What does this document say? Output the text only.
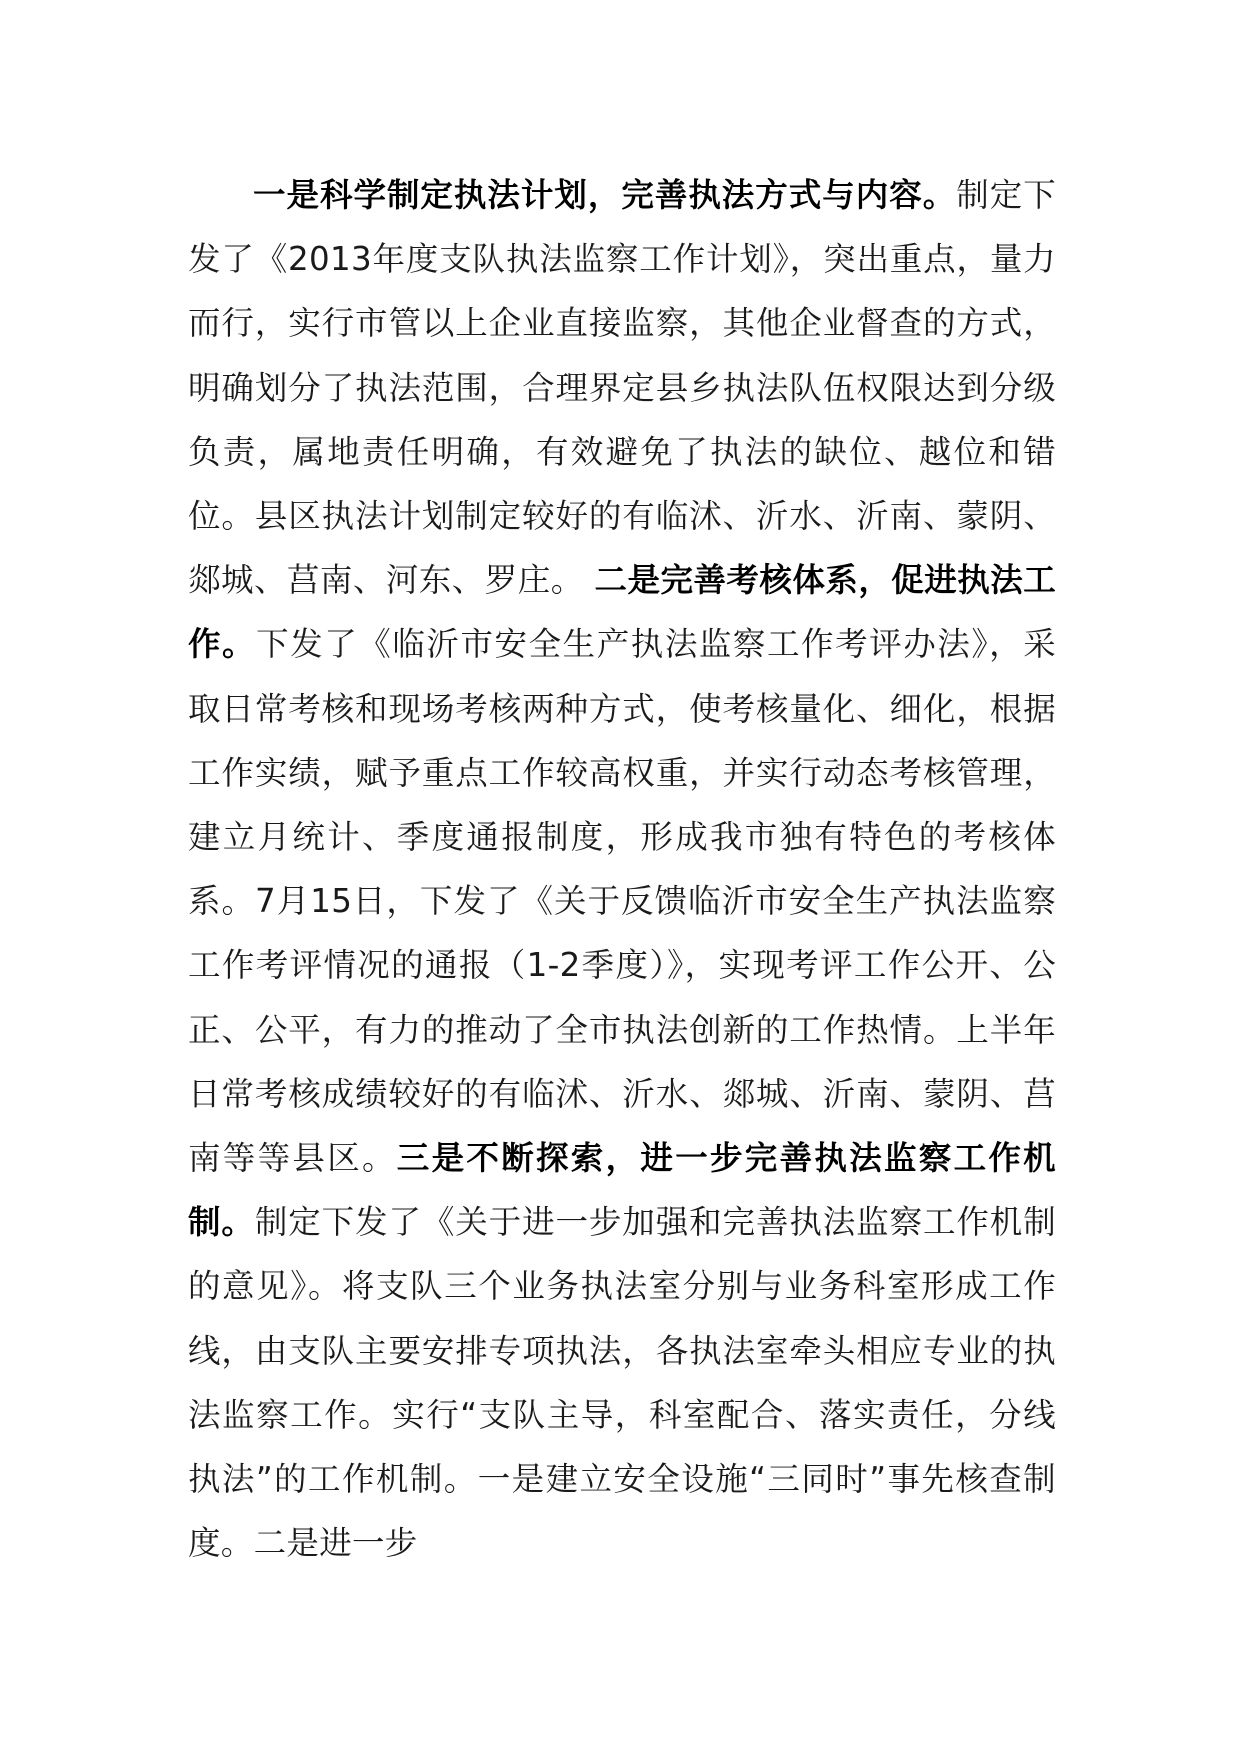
一是科学制定执法计划，完善执法方式与内容。制定下发了《2013年度支队执法监察工作计划》，突出重点，量力而行，实行市管以上企业直接监察，其他企业督查的方式，明确划分了执法范围，合理界定县乡执法队伍权限达到分级负责，属地责任明确，有效避免了执法的缺位、越位和错位。县区执法计划制定较好的有临沭、沂水、沂南、蒙阴、郯城、莒南、河东、罗庄。 二是完善考核体系，促进执法工作。下发了《临沂市安全生产执法监察工作考评办法》，采取日常考核和现场考核两种方式，使考核量化、细化，根据工作实绩，赋予重点工作较高权重，并实行动态考核管理，建立月统计、季度通报制度，形成我市独有特色的考核体系。7月15日，下发了《关于反馈临沂市安全生产执法监察工作考评情况的通报（1-2季度）》，实现考评工作公开、公正、公平，有力的推动了全市执法创新的工作热情。上半年日常考核成绩较好的有临沭、沂水、郯城、沂南、蒙阴、莒南等等县区。三是不断探索，进一步完善执法监察工作机制。制定下发了《关于进一步加强和完善执法监察工作机制的意见》。将支队三个业务执法室分别与业务科室形成工作线，由支队主要安排专项执法，各执法室牵头相应专业的执法监察工作。实行“支队主导，科室配合、落实责任，分线执法”的工作机制。一是建立安全设施“三同时”事先核查制度。二是进一步
